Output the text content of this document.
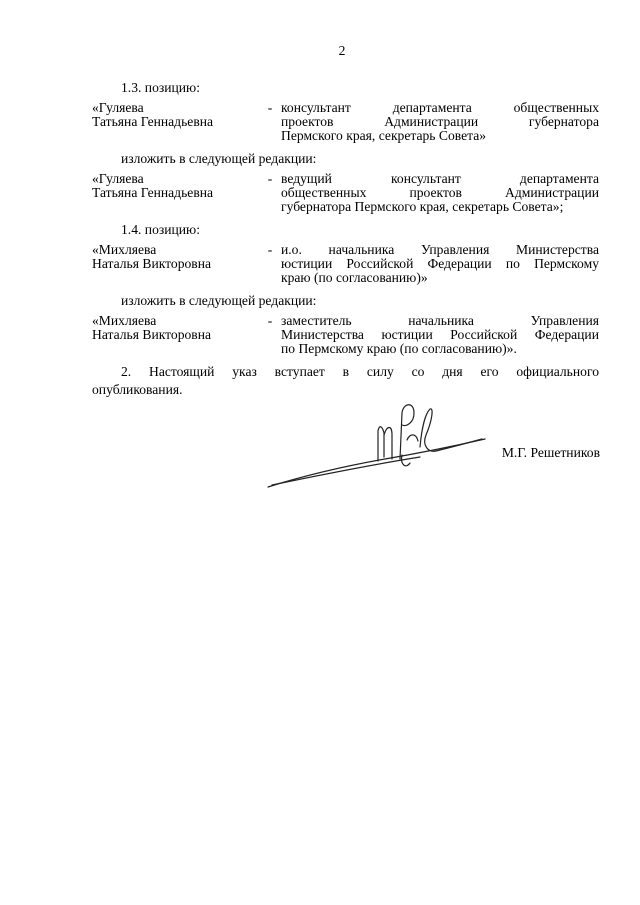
2
1.3. позицию:
«Гуляева
Татьяна Геннадьевна
- консультант департамента общественных
проектов Администрации губернатора
Пермского края, секретарь Совета»
изложить в следующей редакции:
«Гуляева
Татьяна Геннадьевна
- ведущий консультант департамента
общественных проектов Администрации
губернатора Пермского края, секретарь Совета»;
1.4. позицию:
«Михляева
Наталья Викторовна
- и.о. начальника Управления Министерства
юстиции Российской Федерации по Пермскому
краю (по согласованию)»
изложить в следующей редакции:
«Михляева
Наталья Викторовна
- заместитель начальника Управления
Министерства юстиции Российской Федерации
по Пермскому краю (по согласованию)».
2. Настоящий указ вступает в силу со дня его официального
опубликования.
М.Г. Решетников
